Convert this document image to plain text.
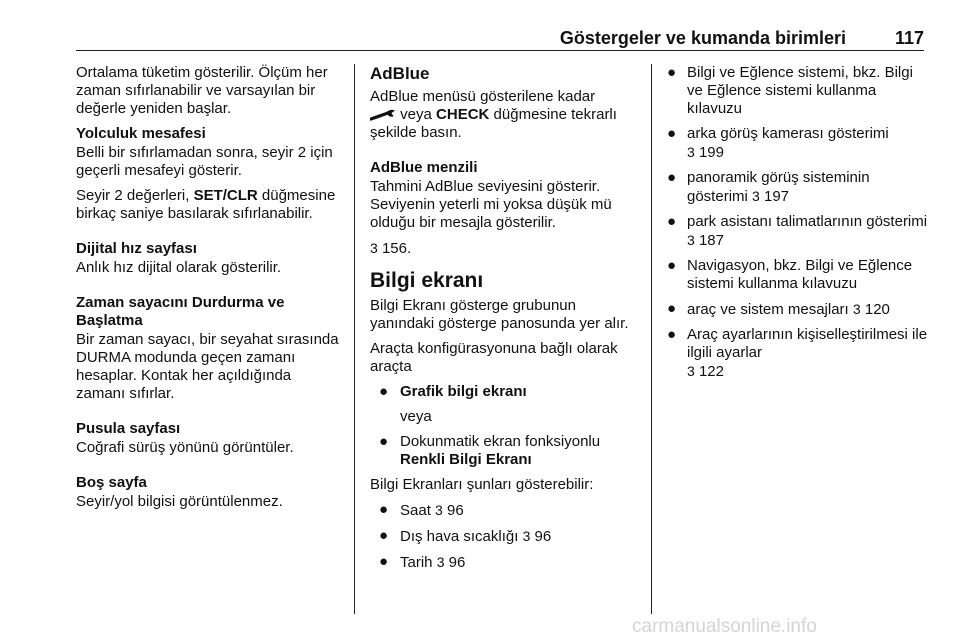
Göstergeler ve kumanda birimleri	117

Ortalama tüketim gösterilir. Ölçüm her zaman sıfırlanabilir ve varsayılan bir değerle yeniden başlar.

Yolculuk mesafesi

Belli bir sıfırlamadan sonra, seyir 2 için geçerli mesafeyi gösterir.

Seyir 2 değerleri, SET/CLR düğmesine birkaç saniye basılarak sıfırlanabilir.

Dijital hız sayfası

Anlık hız dijital olarak gösterilir.

Zaman sayacını Durdurma ve Başlatma

Bir zaman sayacı, bir seyahat sırasında DURMA modunda geçen zamanı hesaplar. Kontak her açıldığında zamanı sıfırlar.

Pusula sayfası

Coğrafi sürüş yönünü görüntüler.

Boş sayfa

Seyir/yol bilgisi görüntülenmez.

AdBlue

AdBlue menüsü gösterilene kadar
veya CHECK düğmesine tekrarlı şekilde basın.

AdBlue menzili

Tahmini AdBlue seviyesini gösterir. Seviyenin yeterli mi yoksa düşük mü olduğu bir mesajla gösterilir.

3 156.

Bilgi ekranı

Bilgi Ekranı gösterge grubunun yanındaki gösterge panosunda yer alır.

Araçta konfigürasyonuna bağlı olarak araçta

● Grafik bilgi ekranı

veya

● Dokunmatik ekran fonksiyonlu Renkli Bilgi Ekranı

Bilgi Ekranları şunları gösterebilir:

● Saat 3 96
● Dış hava sıcaklığı 3 96
● Tarih 3 96
● Bilgi ve Eğlence sistemi, bkz. Bilgi ve Eğlence sistemi kullanma kılavuzu
● arka görüş kamerası gösterimi
3 199
● panoramik görüş sisteminin gösterimi 3 197
● park asistanı talimatlarının gösterimi 3 187
● Navigasyon, bkz. Bilgi ve Eğlence sistemi kullanma kılavuzu
● araç ve sistem mesajları 3 120
● Araç ayarlarının kişiselleştirilmesi ile ilgili ayarlar
3 122
carmanualsonline.info
